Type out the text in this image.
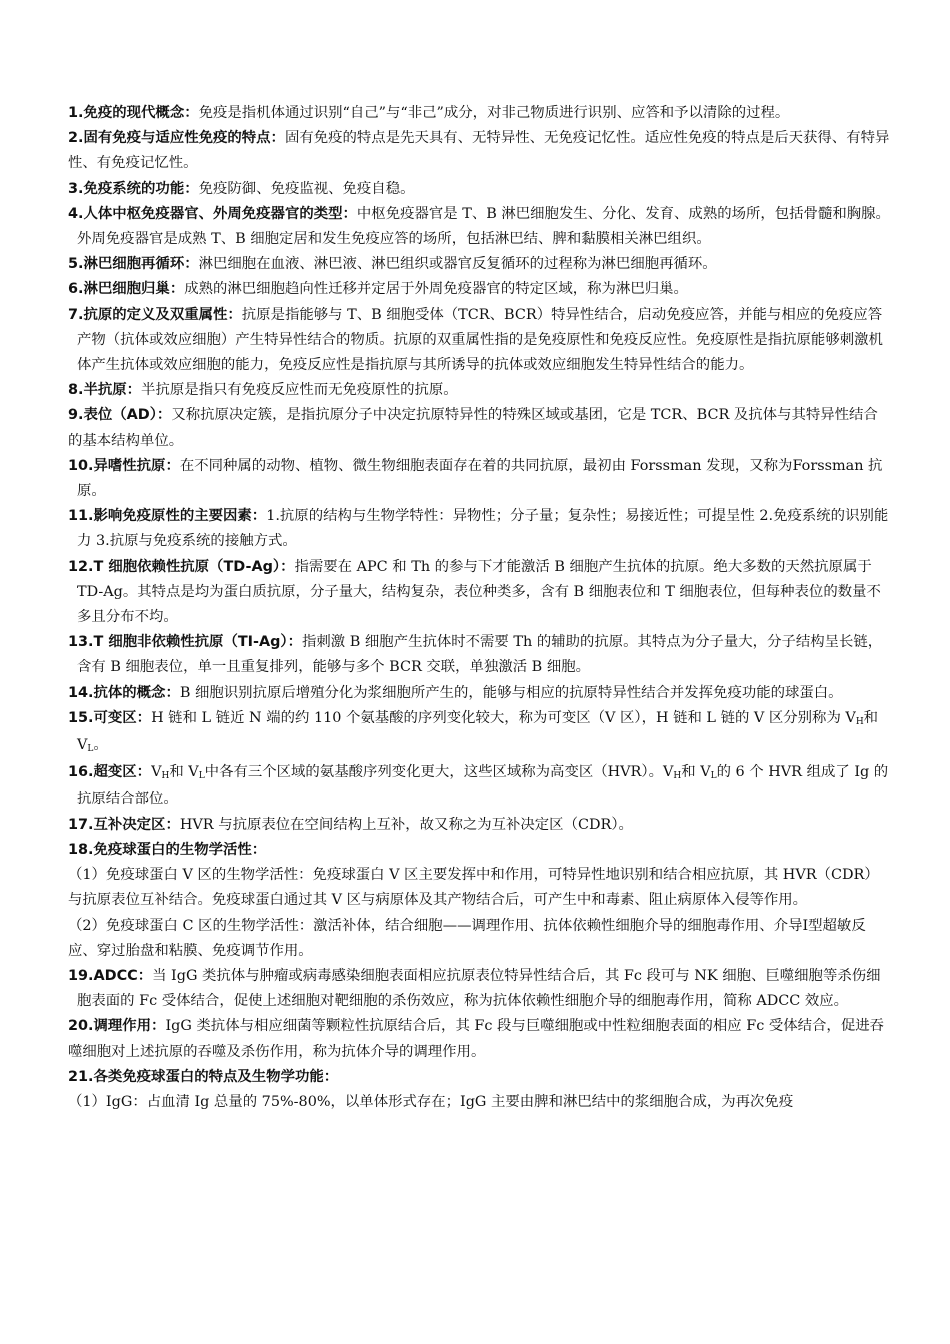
1.免疫的现代概念：免疫是指机体通过识别“自己”与“非己”成分，对非己物质进行识别、应答和予以清除的过程。

2.固有免疫与适应性免疫的特点：固有免疫的特点是先天具有、无特异性、无免疫记忆性。适应性免疫的特点是后天获得、有特异性、有免疫记忆性。

3.免疫系统的功能：免疫防御、免疫监视、免疫自稳。

4.人体中枢免疫器官、外周免疫器官的类型：中枢免疫器官是 T、B 淋巴细胞发生、分化、发育、成熟的场所，包括骨髓和胸腺。外周免疫器官是成熟 T、B 细胞定居和发生免疫应答的场所，包括淋巴结、脾和黏膜相关淋巴组织。

5.淋巴细胞再循环：淋巴细胞在血液、淋巴液、淋巴组织或器官反复循环的过程称为淋巴细胞再循环。

6.淋巴细胞归巢：成熟的淋巴细胞趋向性迁移并定居于外周免疫器官的特定区域，称为淋巴归巢。

7.抗原的定义及双重属性：抗原是指能够与 T、B 细胞受体（TCR、BCR）特异性结合，启动免疫应答，并能与相应的免疫应答产物（抗体或效应细胞）产生特异性结合的物质。抗原的双重属性指的是免疫原性和免疫反应性。免疫原性是指抗原能够刺激机体产生抗体或效应细胞的能力，免疫反应性是指抗原与其所诱导的抗体或效应细胞发生特异性结合的能力。

8.半抗原：半抗原是指只有免疫反应性而无免疫原性的抗原。

9.表位（AD）：又称抗原决定簇，是指抗原分子中决定抗原特异性的特殊区域或基团，它是 TCR、BCR 及抗体与其特异性结合的基本结构单位。

10.异嗜性抗原：在不同种属的动物、植物、微生物细胞表面存在着的共同抗原，最初由 Forssman 发现，又称为Forssman 抗原。

11.影响免疫原性的主要因素：1.抗原的结构与生物学特性：异物性；分子量；复杂性；易接近性；可提呈性 2.免疫系统的识别能力 3.抗原与免疫系统的接触方式。

12.T 细胞依赖性抗原（TD-Ag）：指需要在 APC 和 Th 的参与下才能激活 B 细胞产生抗体的抗原。绝大多数的天然抗原属于 TD-Ag。其特点是均为蛋白质抗原，分子量大，结构复杂，表位种类多，含有 B 细胞表位和 T 细胞表位，但每种表位的数量不多且分布不均。

13.T 细胞非依赖性抗原（TI-Ag）：指刺激 B 细胞产生抗体时不需要 Th 的辅助的抗原。其特点为分子量大，分子结构呈长链，含有 B 细胞表位，单一且重复排列，能够与多个 BCR 交联，单独激活 B 细胞。

14.抗体的概念：B 细胞识别抗原后增殖分化为浆细胞所产生的，能够与相应的抗原特异性结合并发挥免疫功能的球蛋白。

15.可变区：H 链和 L 链近 N 端的约 110 个氨基酸的序列变化较大，称为可变区（V 区），H 链和 L 链的 V 区分别称为 VH和 VL。

16.超变区：VH和 VL中各有三个区域的氨基酸序列变化更大，这些区域称为高变区（HVR）。VH和 VL的 6 个 HVR 组成了 Ig 的抗原结合部位。

17.互补决定区：HVR 与抗原表位在空间结构上互补，故又称之为互补决定区（CDR）。

18.免疫球蛋白的生物学活性：

（1）免疫球蛋白 V 区的生物学活性：免疫球蛋白 V 区主要发挥中和作用，可特异性地识别和结合相应抗原，其 HVR（CDR）与抗原表位互补结合。免疫球蛋白通过其 V 区与病原体及其产物结合后，可产生中和毒素、阻止病原体入侵等作用。

（2）免疫球蛋白 C 区的生物学活性：激活补体，结合细胞——调理作用、抗体依赖性细胞介导的细胞毒作用、介导Ⅰ型超敏反应、穿过胎盘和粘膜、免疫调节作用。

19.ADCC：当 IgG 类抗体与肿瘤或病毒感染细胞表面相应抗原表位特异性结合后，其 Fc 段可与 NK 细胞、巨噬细胞等杀伤细胞表面的 Fc 受体结合，促使上述细胞对靶细胞的杀伤效应，称为抗体依赖性细胞介导的细胞毒作用，简称 ADCC 效应。

20.调理作用：IgG 类抗体与相应细菌等颗粒性抗原结合后，其 Fc 段与巨噬细胞或中性粒细胞表面的相应 Fc 受体结合，促进吞噬细胞对上述抗原的吞噬及杀伤作用，称为抗体介导的调理作用。

21.各类免疫球蛋白的特点及生物学功能：

（1）IgG：占血清 Ig 总量的 75%-80%，以单体形式存在；IgG 主要由脾和淋巴结中的浆细胞合成，为再次免疫
